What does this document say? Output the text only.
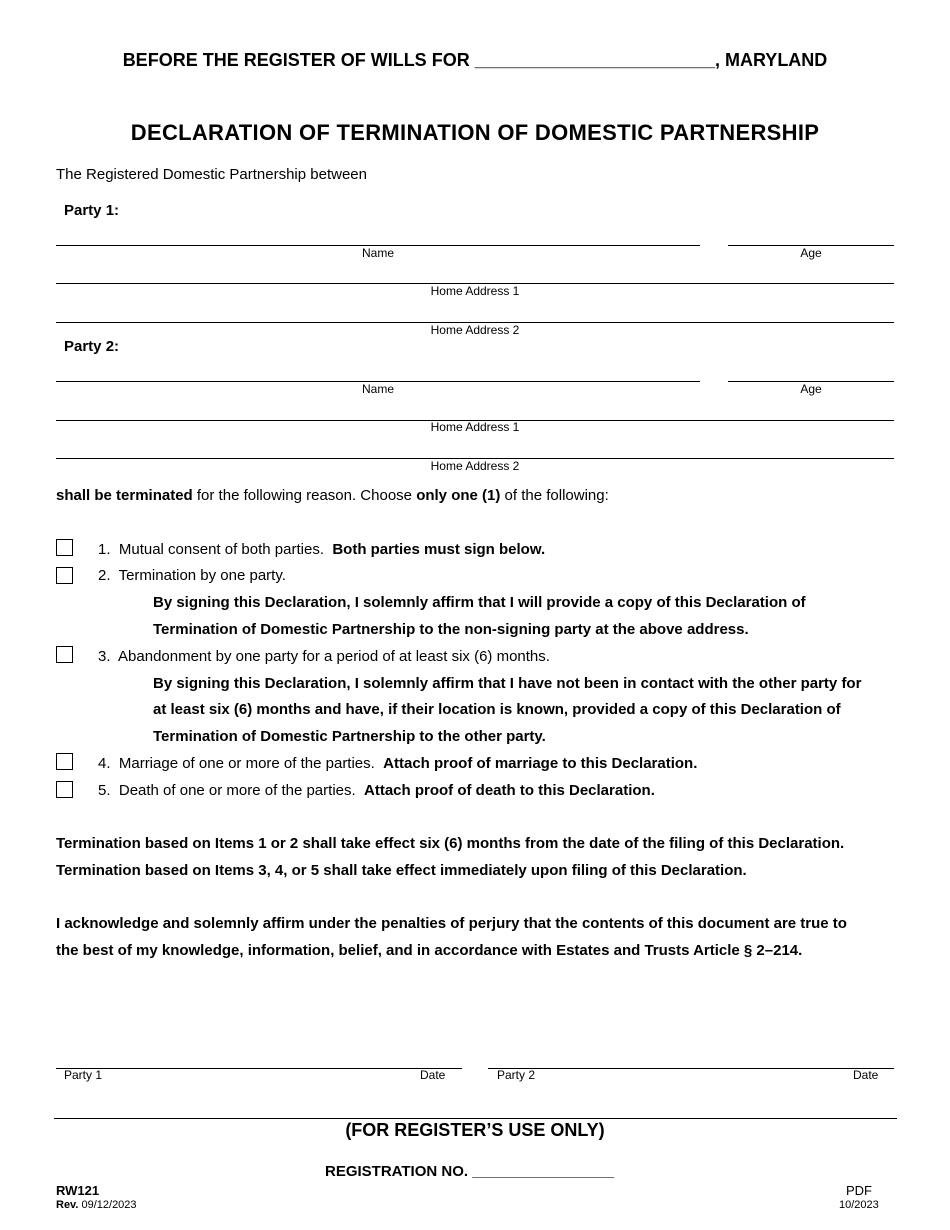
BEFORE THE REGISTER OF WILLS FOR ________________________, MARYLAND
DECLARATION OF TERMINATION OF DOMESTIC PARTNERSHIP
The Registered Domestic Partnership between
Party 1:
Name	Age
Home Address 1
Home Address 2
Party 2:
Name	Age
Home Address 1
Home Address 2
shall be terminated for the following reason. Choose only one (1) of the following:
1. Mutual consent of both parties. Both parties must sign below.
2. Termination by one party.
By signing this Declaration, I solemnly affirm that I will provide a copy of this Declaration of
Termination of Domestic Partnership to the non-signing party at the above address.
3. Abandonment by one party for a period of at least six (6) months.
By signing this Declaration, I solemnly affirm that I have not been in contact with the other party for
at least six (6) months and have, if their location is known, provided a copy of this Declaration of
Termination of Domestic Partnership to the other party.
4. Marriage of one or more of the parties. Attach proof of marriage to this Declaration.
5. Death of one or more of the parties. Attach proof of death to this Declaration.
Termination based on Items 1 or 2 shall take effect six (6) months from the date of the filing of this Declaration.
Termination based on Items 3, 4, or 5 shall take effect immediately upon filing of this Declaration.
I acknowledge and solemnly affirm under the penalties of perjury that the contents of this document are true to
the best of my knowledge, information, belief, and in accordance with Estates and Trusts Article § 2–214.
Party 1	Date	Party 2	Date
(FOR REGISTER’S USE ONLY)
REGISTRATION NO. _________________
RW121
Rev. 09/12/2023
PDF
10/2023
